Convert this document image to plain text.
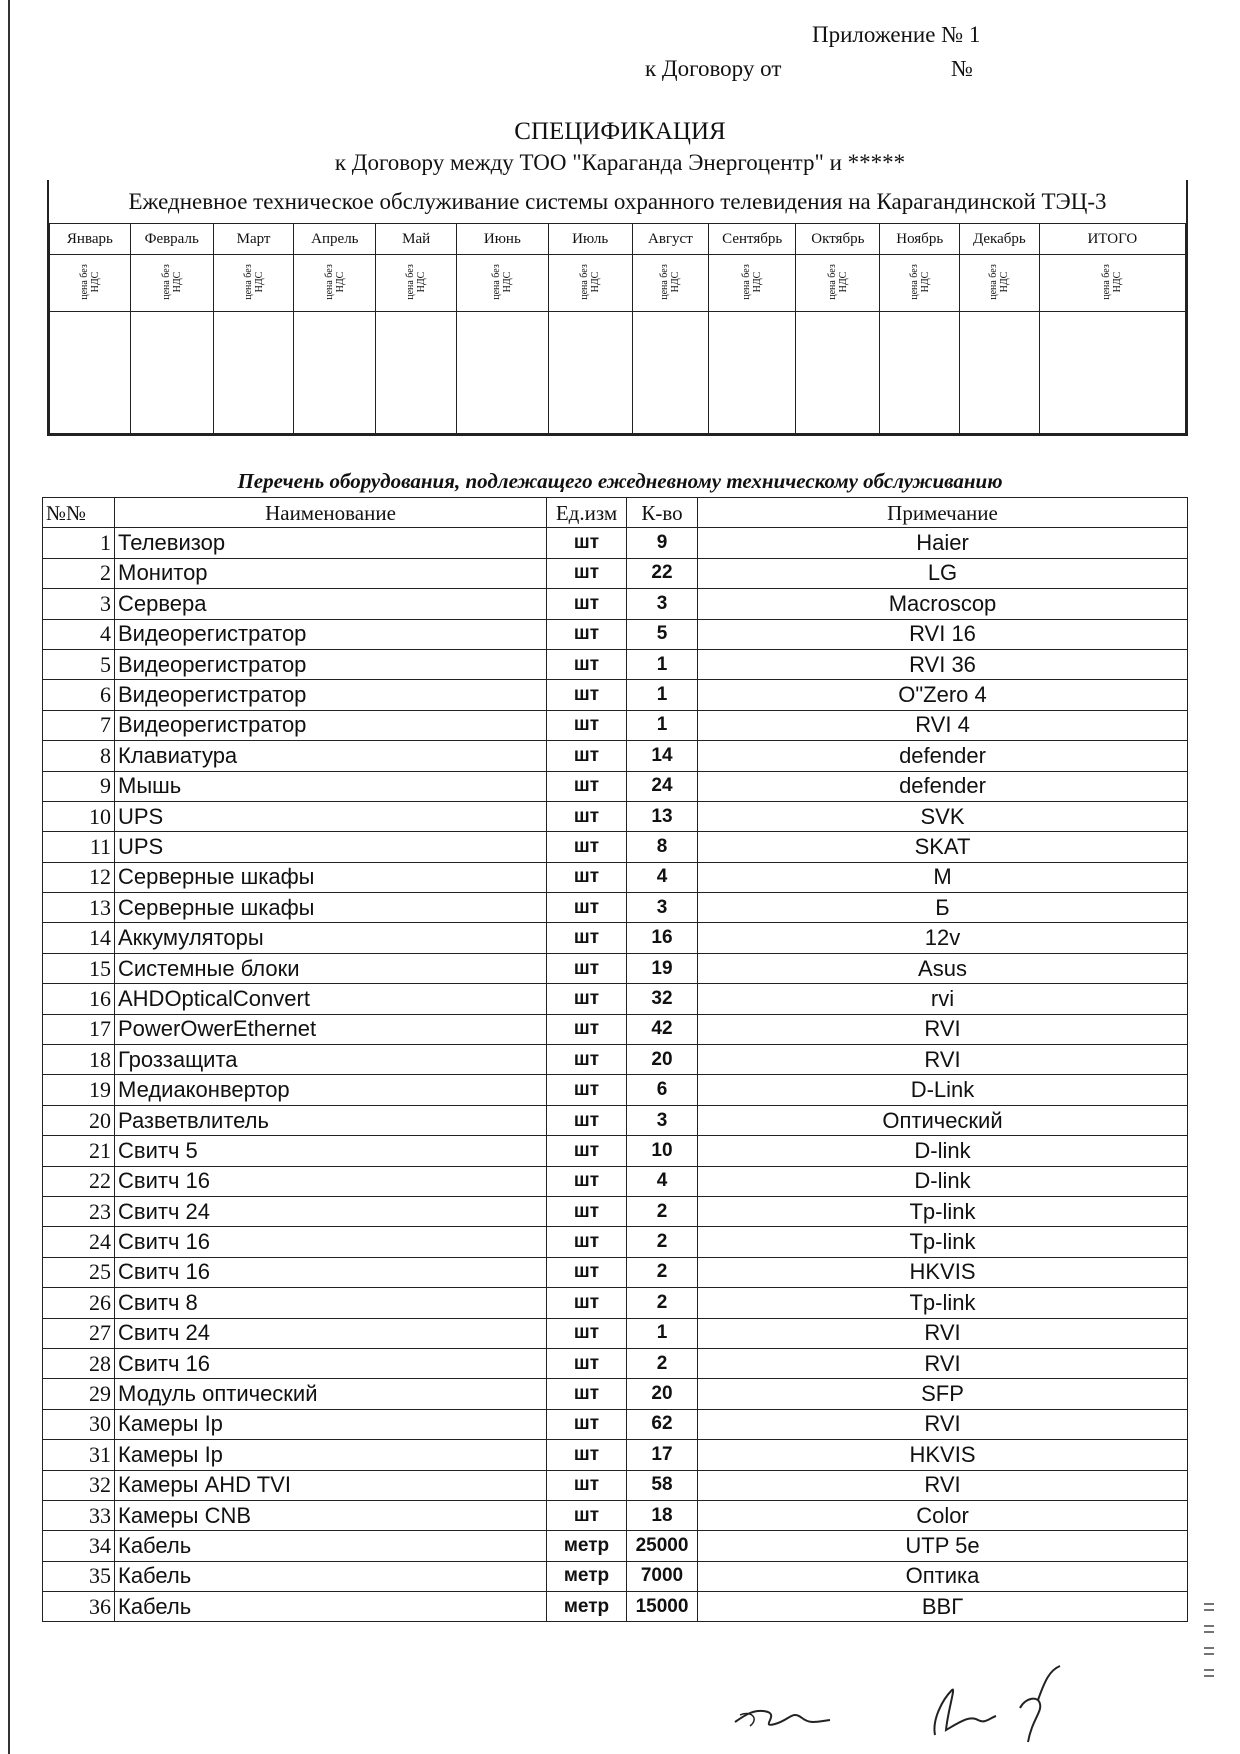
Приложение № 1
к Договору от	№
СПЕЦИФИКАЦИЯ
к Договору между ТОО "Караганда Энергоцентр" и *****
Ежедневное техническое обслуживание системы охранного телевидения на Карагандинской ТЭЦ-3
Январь	Февраль	Март	Апрель	Май	Июнь	Июль	Август	Сентябрь	Октябрь	Ноябрь	Декабрь	ИТОГО
цена без НДС	цена без НДС	цена без НДС	цена без НДС	цена без НДС	цена без НДС	цена без НДС	цена без НДС	цена без НДС	цена без НДС	цена без НДС	цена без НДС	цена без НДС

Перечень оборудования, подлежащего ежедневному техническому обслуживанию
№№	Наименование	Ед.изм	К-во	Примечание
1	Телевизор	шт	9	Haier
2	Монитор	шт	22	LG
3	Сервера	шт	3	Macroscop
4	Видеорегистратор	шт	5	RVI 16
5	Видеорегистратор	шт	1	RVI 36
6	Видеорегистратор	шт	1	O"Zero 4
7	Видеорегистратор	шт	1	RVI 4
8	Клавиатура	шт	14	defender
9	Мышь	шт	24	defender
10	UPS	шт	13	SVK
11	UPS	шт	8	SKAT
12	Серверные шкафы	шт	4	М
13	Серверные шкафы	шт	3	Б
14	Аккумуляторы	шт	16	12v
15	Системные блоки	шт	19	Asus
16	AHDOpticalConvert	шт	32	rvi
17	PowerOwerEthernet	шт	42	RVI
18	Гроззащита	шт	20	RVI
19	Медиаконвертор	шт	6	D-Link
20	Разветвлитель	шт	3	Оптический
21	Свитч 5	шт	10	D-link
22	Свитч 16	шт	4	D-link
23	Свитч 24	шт	2	Tp-link
24	Свитч 16	шт	2	Tp-link
25	Свитч 16	шт	2	HKVIS
26	Свитч 8	шт	2	Tp-link
27	Свитч 24	шт	1	RVI
28	Свитч 16	шт	2	RVI
29	Модуль оптический	шт	20	SFP
30	Камеры Ip	шт	62	RVI
31	Камеры Ip	шт	17	HKVIS
32	Камеры AHD TVI	шт	58	RVI
33	Камеры CNB	шт	18	Color
34	Кабель	метр	25000	UTP 5e
35	Кабель	метр	7000	Оптика
36	Кабель	метр	15000	ВВГ
